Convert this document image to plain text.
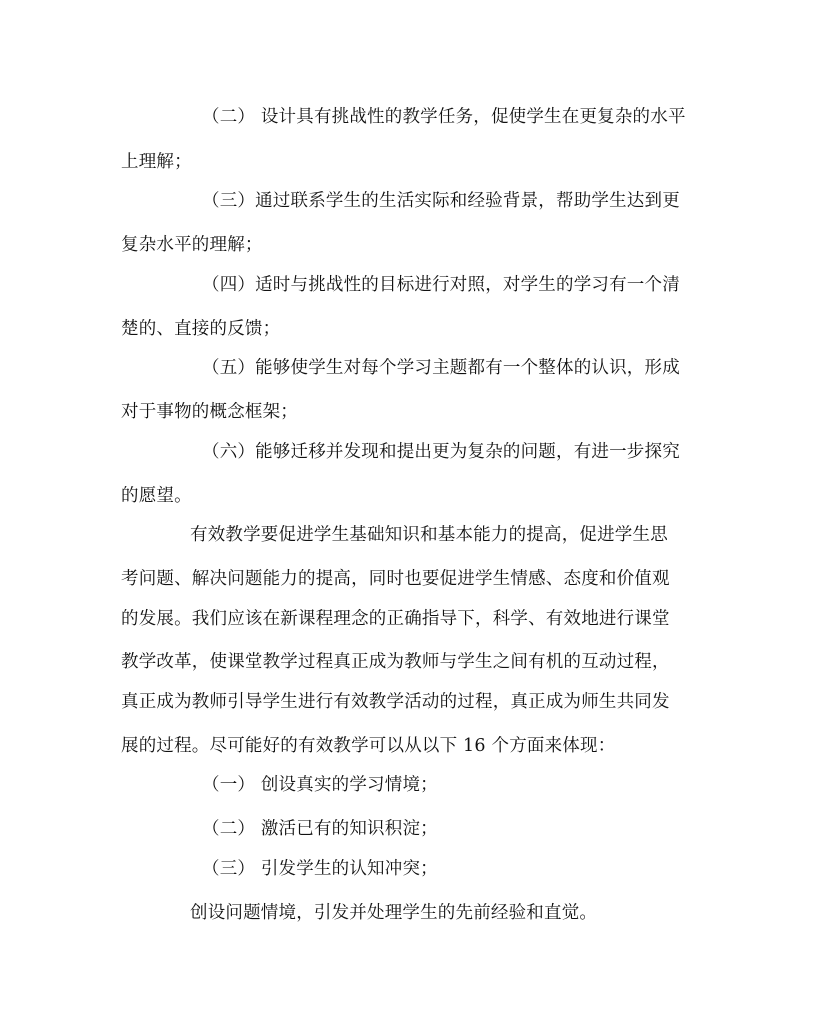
（二） 设计具有挑战性的教学任务，促使学生在更复杂的水平
上理解；
（三）通过联系学生的生活实际和经验背景，帮助学生达到更
复杂水平的理解；
（四）适时与挑战性的目标进行对照，对学生的学习有一个清
楚的、直接的反馈；
（五）能够使学生对每个学习主题都有一个整体的认识，形成
对于事物的概念框架；
（六）能够迁移并发现和提出更为复杂的问题，有进一步探究
的愿望。
有效教学要促进学生基础知识和基本能力的提高，促进学生思
考问题、解决问题能力的提高，同时也要促进学生情感、态度和价值观
的发展。我们应该在新课程理念的正确指导下，科学、有效地进行课堂
教学改革，使课堂教学过程真正成为教师与学生之间有机的互动过程，
真正成为教师引导学生进行有效教学活动的过程，真正成为师生共同发
展的过程。尽可能好的有效教学可以从以下 16 个方面来体现：
（一） 创设真实的学习情境；
（二） 激活已有的知识积淀；
（三） 引发学生的认知冲突；
创设问题情境，引发并处理学生的先前经验和直觉。
